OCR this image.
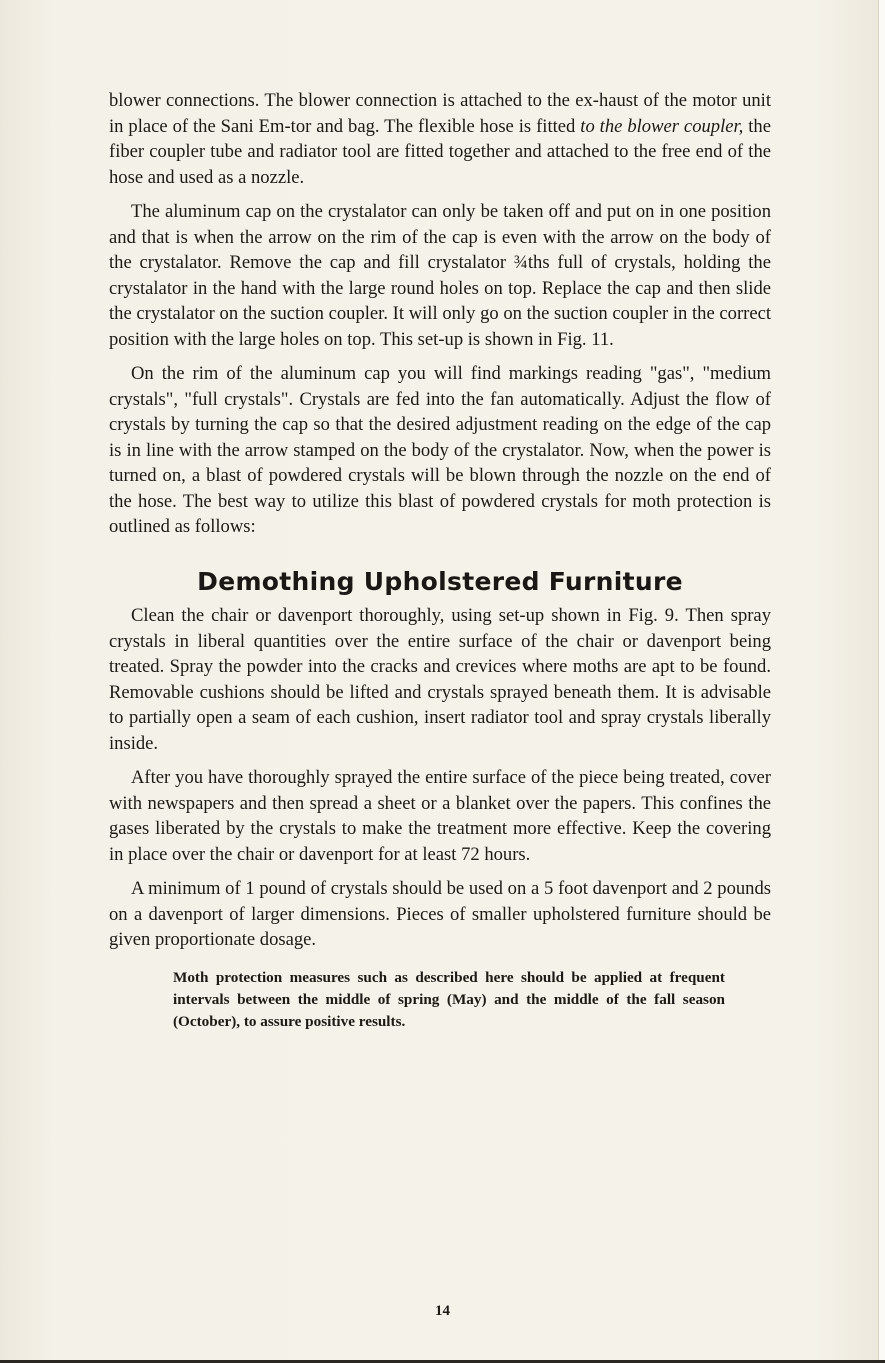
blower connections. The blower connection is attached to the ex-haust of the motor unit in place of the Sani Em-tor and bag. The flexible hose is fitted to the blower coupler, the fiber coupler tube and radiator tool are fitted together and attached to the free end of the hose and used as a nozzle.

The aluminum cap on the crystalator can only be taken off and put on in one position and that is when the arrow on the rim of the cap is even with the arrow on the body of the crystalator. Remove the cap and fill crystalator ¾ths full of crystals, holding the crystalator in the hand with the large round holes on top. Replace the cap and then slide the crystalator on the suction coupler. It will only go on the suction coupler in the correct position with the large holes on top. This set-up is shown in Fig. 11.

On the rim of the aluminum cap you will find markings reading "gas", "medium crystals", "full crystals". Crystals are fed into the fan automatically. Adjust the flow of crystals by turning the cap so that the desired adjustment reading on the edge of the cap is in line with the arrow stamped on the body of the crystalator. Now, when the power is turned on, a blast of powdered crystals will be blown through the nozzle on the end of the hose. The best way to utilize this blast of powdered crystals for moth protection is outlined as follows:

Demothing Upholstered Furniture

Clean the chair or davenport thoroughly, using set-up shown in Fig. 9. Then spray crystals in liberal quantities over the entire surface of the chair or davenport being treated. Spray the powder into the cracks and crevices where moths are apt to be found. Removable cushions should be lifted and crystals sprayed beneath them. It is advisable to partially open a seam of each cushion, insert radiator tool and spray crystals liberally inside.

After you have thoroughly sprayed the entire surface of the piece being treated, cover with newspapers and then spread a sheet or a blanket over the papers. This confines the gases liberated by the crystals to make the treatment more effective. Keep the covering in place over the chair or davenport for at least 72 hours.

A minimum of 1 pound of crystals should be used on a 5 foot davenport and 2 pounds on a davenport of larger dimensions. Pieces of smaller upholstered furniture should be given proportionate dosage.

Moth protection measures such as described here should be applied at frequent intervals between the middle of spring (May) and the middle of the fall season (October), to assure positive results.

14
